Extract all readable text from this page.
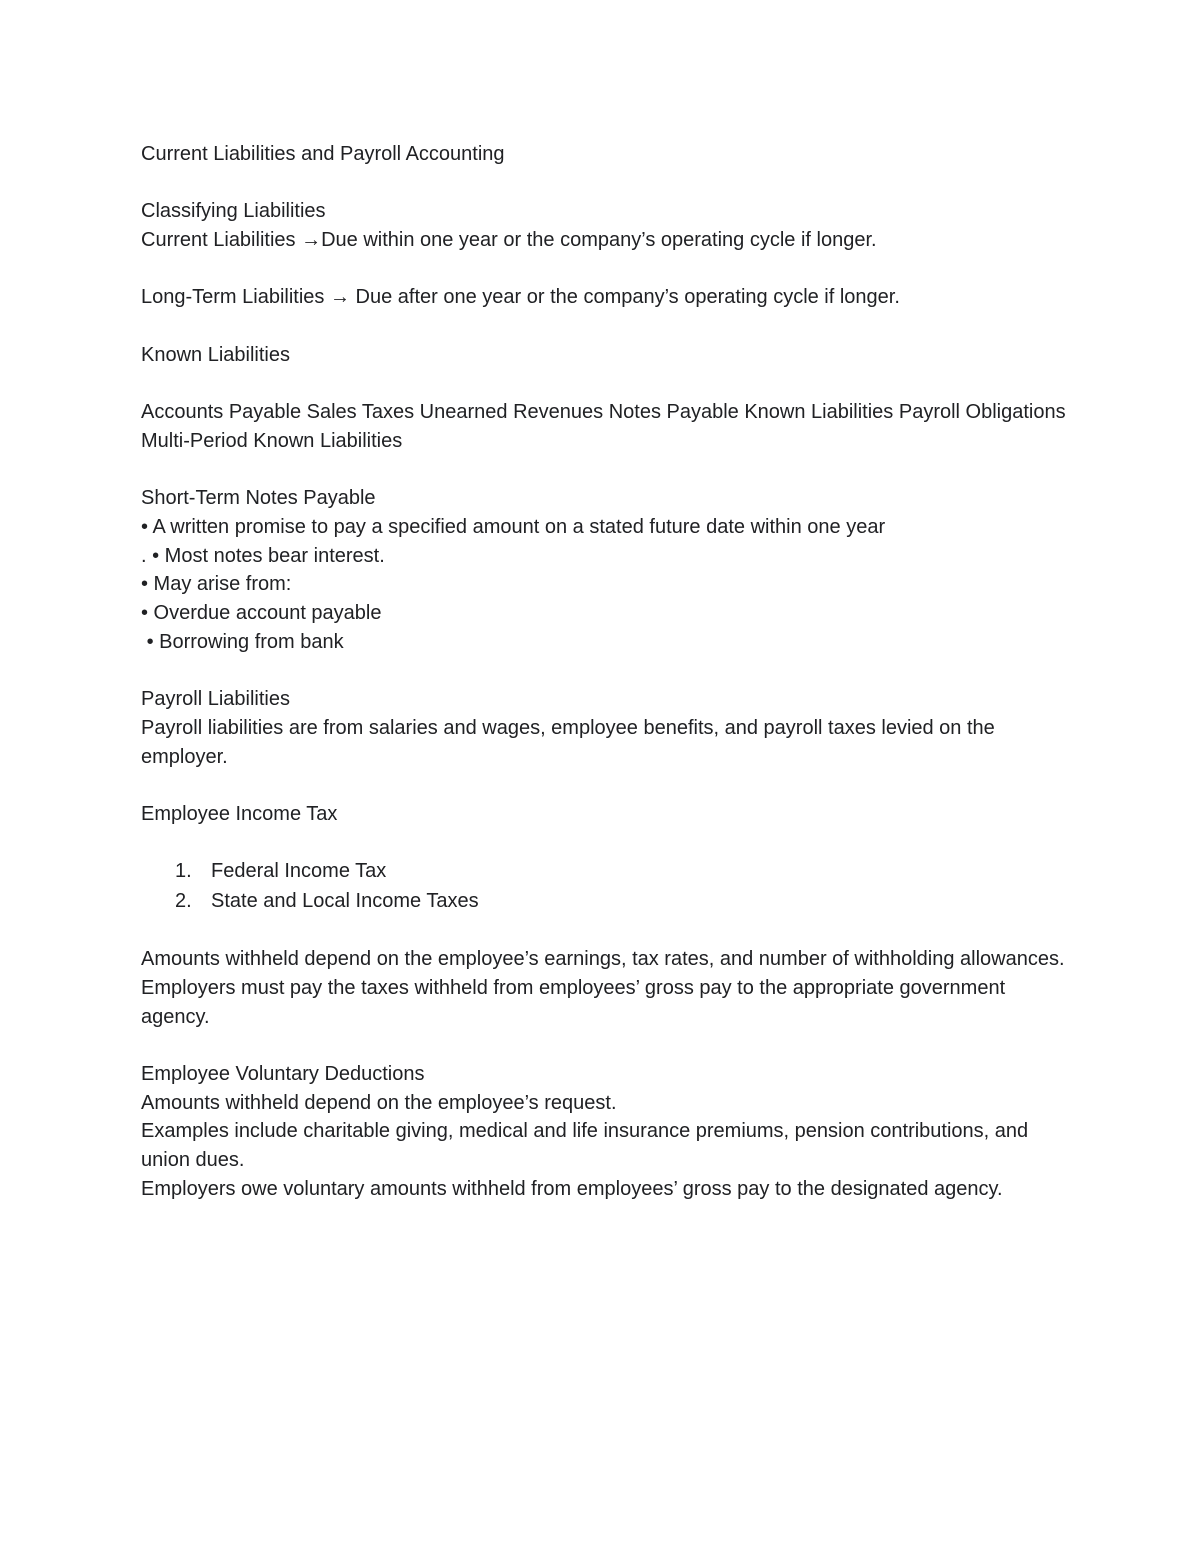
Current Liabilities and Payroll Accounting
Classifying Liabilities
Current Liabilities →Due within one year or the company’s operating cycle if longer.
Long-Term Liabilities → Due after one year or the company’s operating cycle if longer.
Known Liabilities
Accounts Payable Sales Taxes Unearned Revenues Notes Payable Known Liabilities Payroll Obligations Multi-Period Known Liabilities
Short-Term Notes Payable
• A written promise to pay a specified amount on a stated future date within one year
. • Most notes bear interest.
• May arise from:
• Overdue account payable
• Borrowing from bank
Payroll Liabilities
Payroll liabilities are from salaries and wages, employee benefits, and payroll taxes levied on the employer.
Employee Income Tax
1. Federal Income Tax
2. State and Local Income Taxes
Amounts withheld depend on the employee’s earnings, tax rates, and number of withholding allowances.
Employers must pay the taxes withheld from employees’ gross pay to the appropriate government agency.
Employee Voluntary Deductions
Amounts withheld depend on the employee’s request.
Examples include charitable giving, medical and life insurance premiums, pension contributions, and union dues.
Employers owe voluntary amounts withheld from employees’ gross pay to the designated agency.
